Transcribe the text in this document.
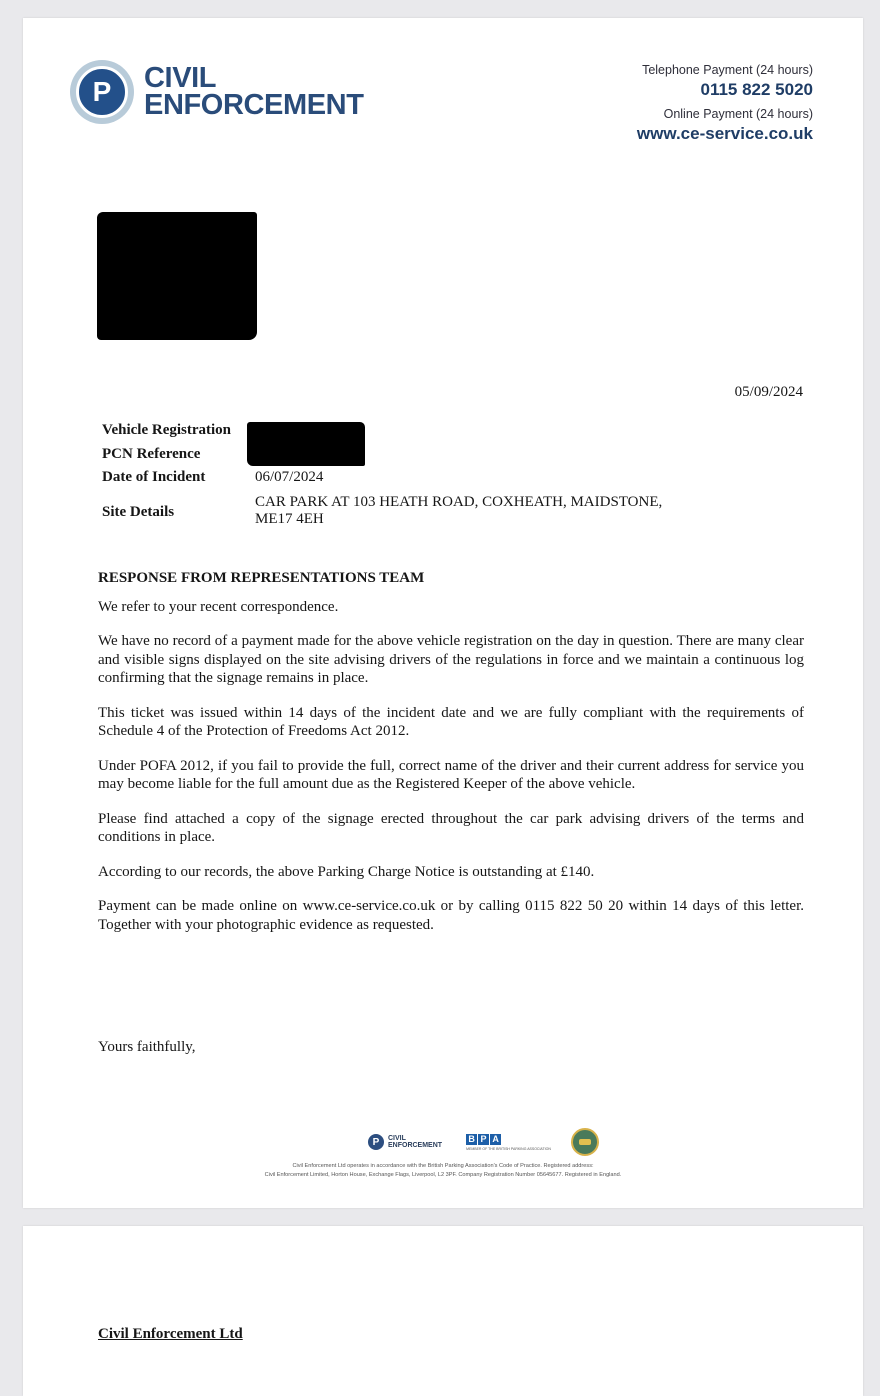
P CIVIL
ENFORCEMENT
Telephone Payment (24 hours)
0115 822 5020
Online Payment (24 hours)
www.ce-service.co.uk
05/09/2024
Vehicle Registration
PCN Reference
Date of Incident	06/07/2024
Site Details
CAR PARK AT 103 HEATH ROAD, COXHEATH, MAIDSTONE,
ME17 4EH
RESPONSE FROM REPRESENTATIONS TEAM

We refer to your recent correspondence.

We have no record of a payment made for the above vehicle registration on the day in question. There are many clear and visible signs displayed on the site advising drivers of the regulations in force and we maintain a continuous log confirming that the signage remains in place.

This ticket was issued within 14 days of the incident date and we are fully compliant with the requirements of Schedule 4 of the Protection of Freedoms Act 2012.

Under POFA 2012, if you fail to provide the full, correct name of the driver and their current address for service you may become liable for the full amount due as the Registered Keeper of the above vehicle.

Please find attached a copy of the signage erected throughout the car park advising drivers of the terms and conditions in place.

According to our records, the above Parking Charge Notice is outstanding at £140.

Payment can be made online on www.ce-service.co.uk or by calling 0115 822 50 20 within 14 days of this letter. Together with your photographic evidence as requested.

Yours faithfully,
P CIVIL
ENFORCEMENT
B P A
MEMBER OF THE BRITISH PARKING ASSOCIATION
Civil Enforcement Ltd operates in accordance with the British Parking Association's Code of Practice. Registered address:
Civil Enforcement Limited, Horton House, Exchange Flags, Liverpool, L2 3PF. Company Registration Number 05645677. Registered in England.
Civil Enforcement Ltd
